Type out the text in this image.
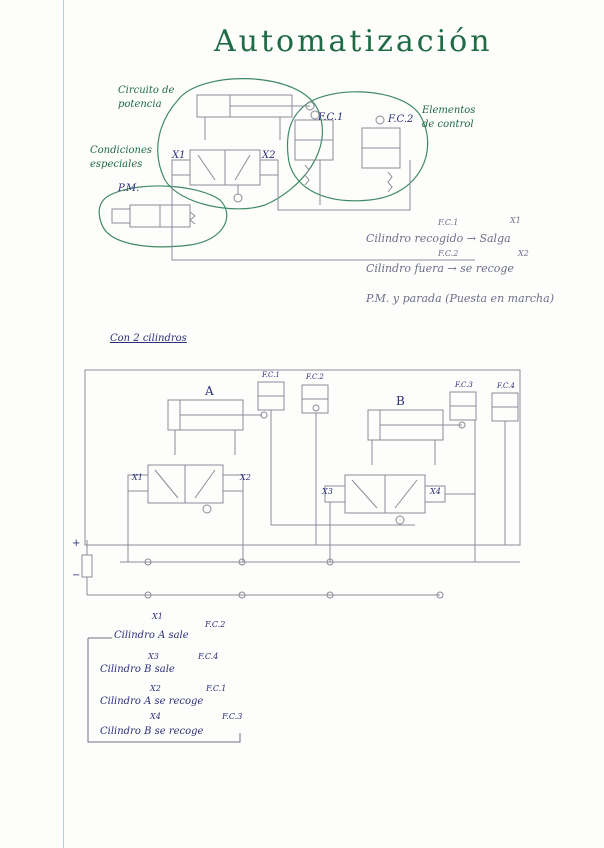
Automatización
Circuito de potencia
Condiciones especiales
Elementos de control
P.M.
X1	X2
F.C.1	F.C.2
F.C.1	X1
Cilindro recogido → Salga
F.C.2	X2
Cilindro fuera → se recoge
P.M. y parada (Puesta en marcha)
Con 2 cilindros
A
B
X1	X2
X3	X4
F.C.1	F.C.2
F.C.3	F.C.4
+
−
X1
F.C.2
Cilindro A sale
X3	F.C.4
Cilindro B sale
X2	F.C.1
Cilindro A se recoge
X4	F.C.3
Cilindro B se recoge
